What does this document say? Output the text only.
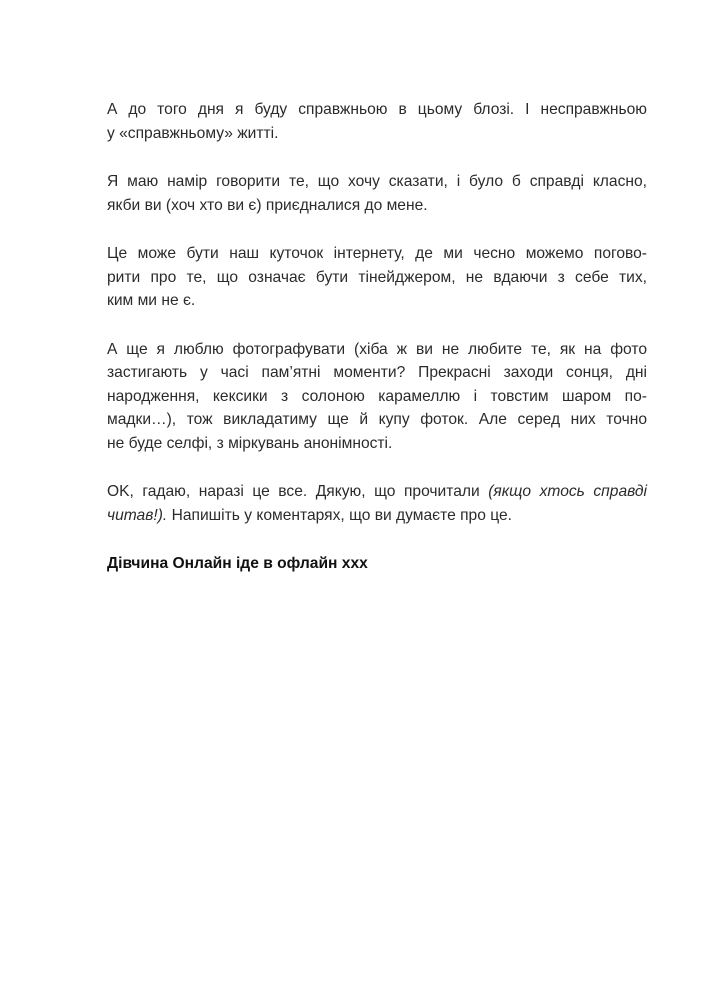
А до того дня я буду справжньою в цьому блозі. І несправжньою
у «справжньому» житті.

Я маю намір говорити те, що хочу сказати, і було б справді класно,
якби ви (хоч хто ви є) приєдналися до мене.

Це може бути наш куточок інтернету, де ми чесно можемо погово-
рити про те, що означає бути тінейджером, не вдаючи з себе тих,
ким ми не є.

А ще я люблю фотографувати (хіба ж ви не любите те, як на фото
застигають у часі пам’ятні моменти? Прекрасні заходи сонця, дні
народження, кексики з солоною карамеллю і товстим шаром по-
мадки…), тож викладатиму ще й купу фоток. Але серед них точно
не буде селфі, з міркувань анонімності.

OK, гадаю, наразі це все. Дякую, що прочитали (якщо хтось справді
читав!). Напишіть у коментарях, що ви думаєте про це.

Дівчина Онлайн іде в офлайн ххх
